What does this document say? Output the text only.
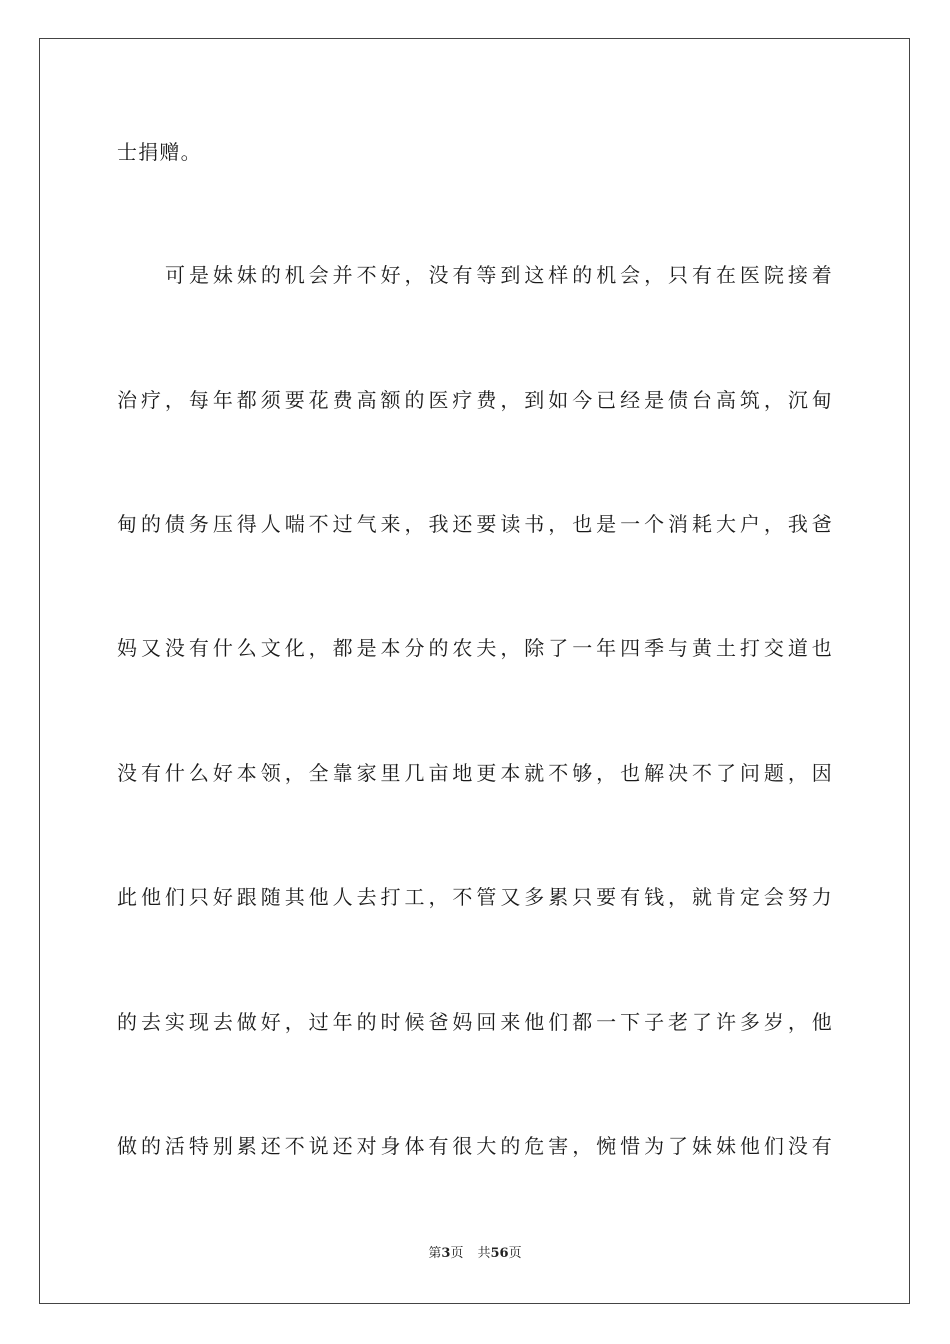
士捐赠。
可是妹妹的机会并不好，没有等到这样的机会，只有在医院接着
治疗，每年都须要花费高额的医疗费，到如今已经是债台高筑，沉甸
甸的债务压得人喘不过气来，我还要读书，也是一个消耗大户，我爸
妈又没有什么文化，都是本分的农夫，除了一年四季与黄土打交道也
没有什么好本领，全靠家里几亩地更本就不够，也解决不了问题，因
此他们只好跟随其他人去打工，不管又多累只要有钱，就肯定会努力
的去实现去做好，过年的时候爸妈回来他们都一下子老了许多岁，他
做的活特别累还不说还对身体有很大的危害，惋惜为了妹妹他们没有
第3页 共56页
